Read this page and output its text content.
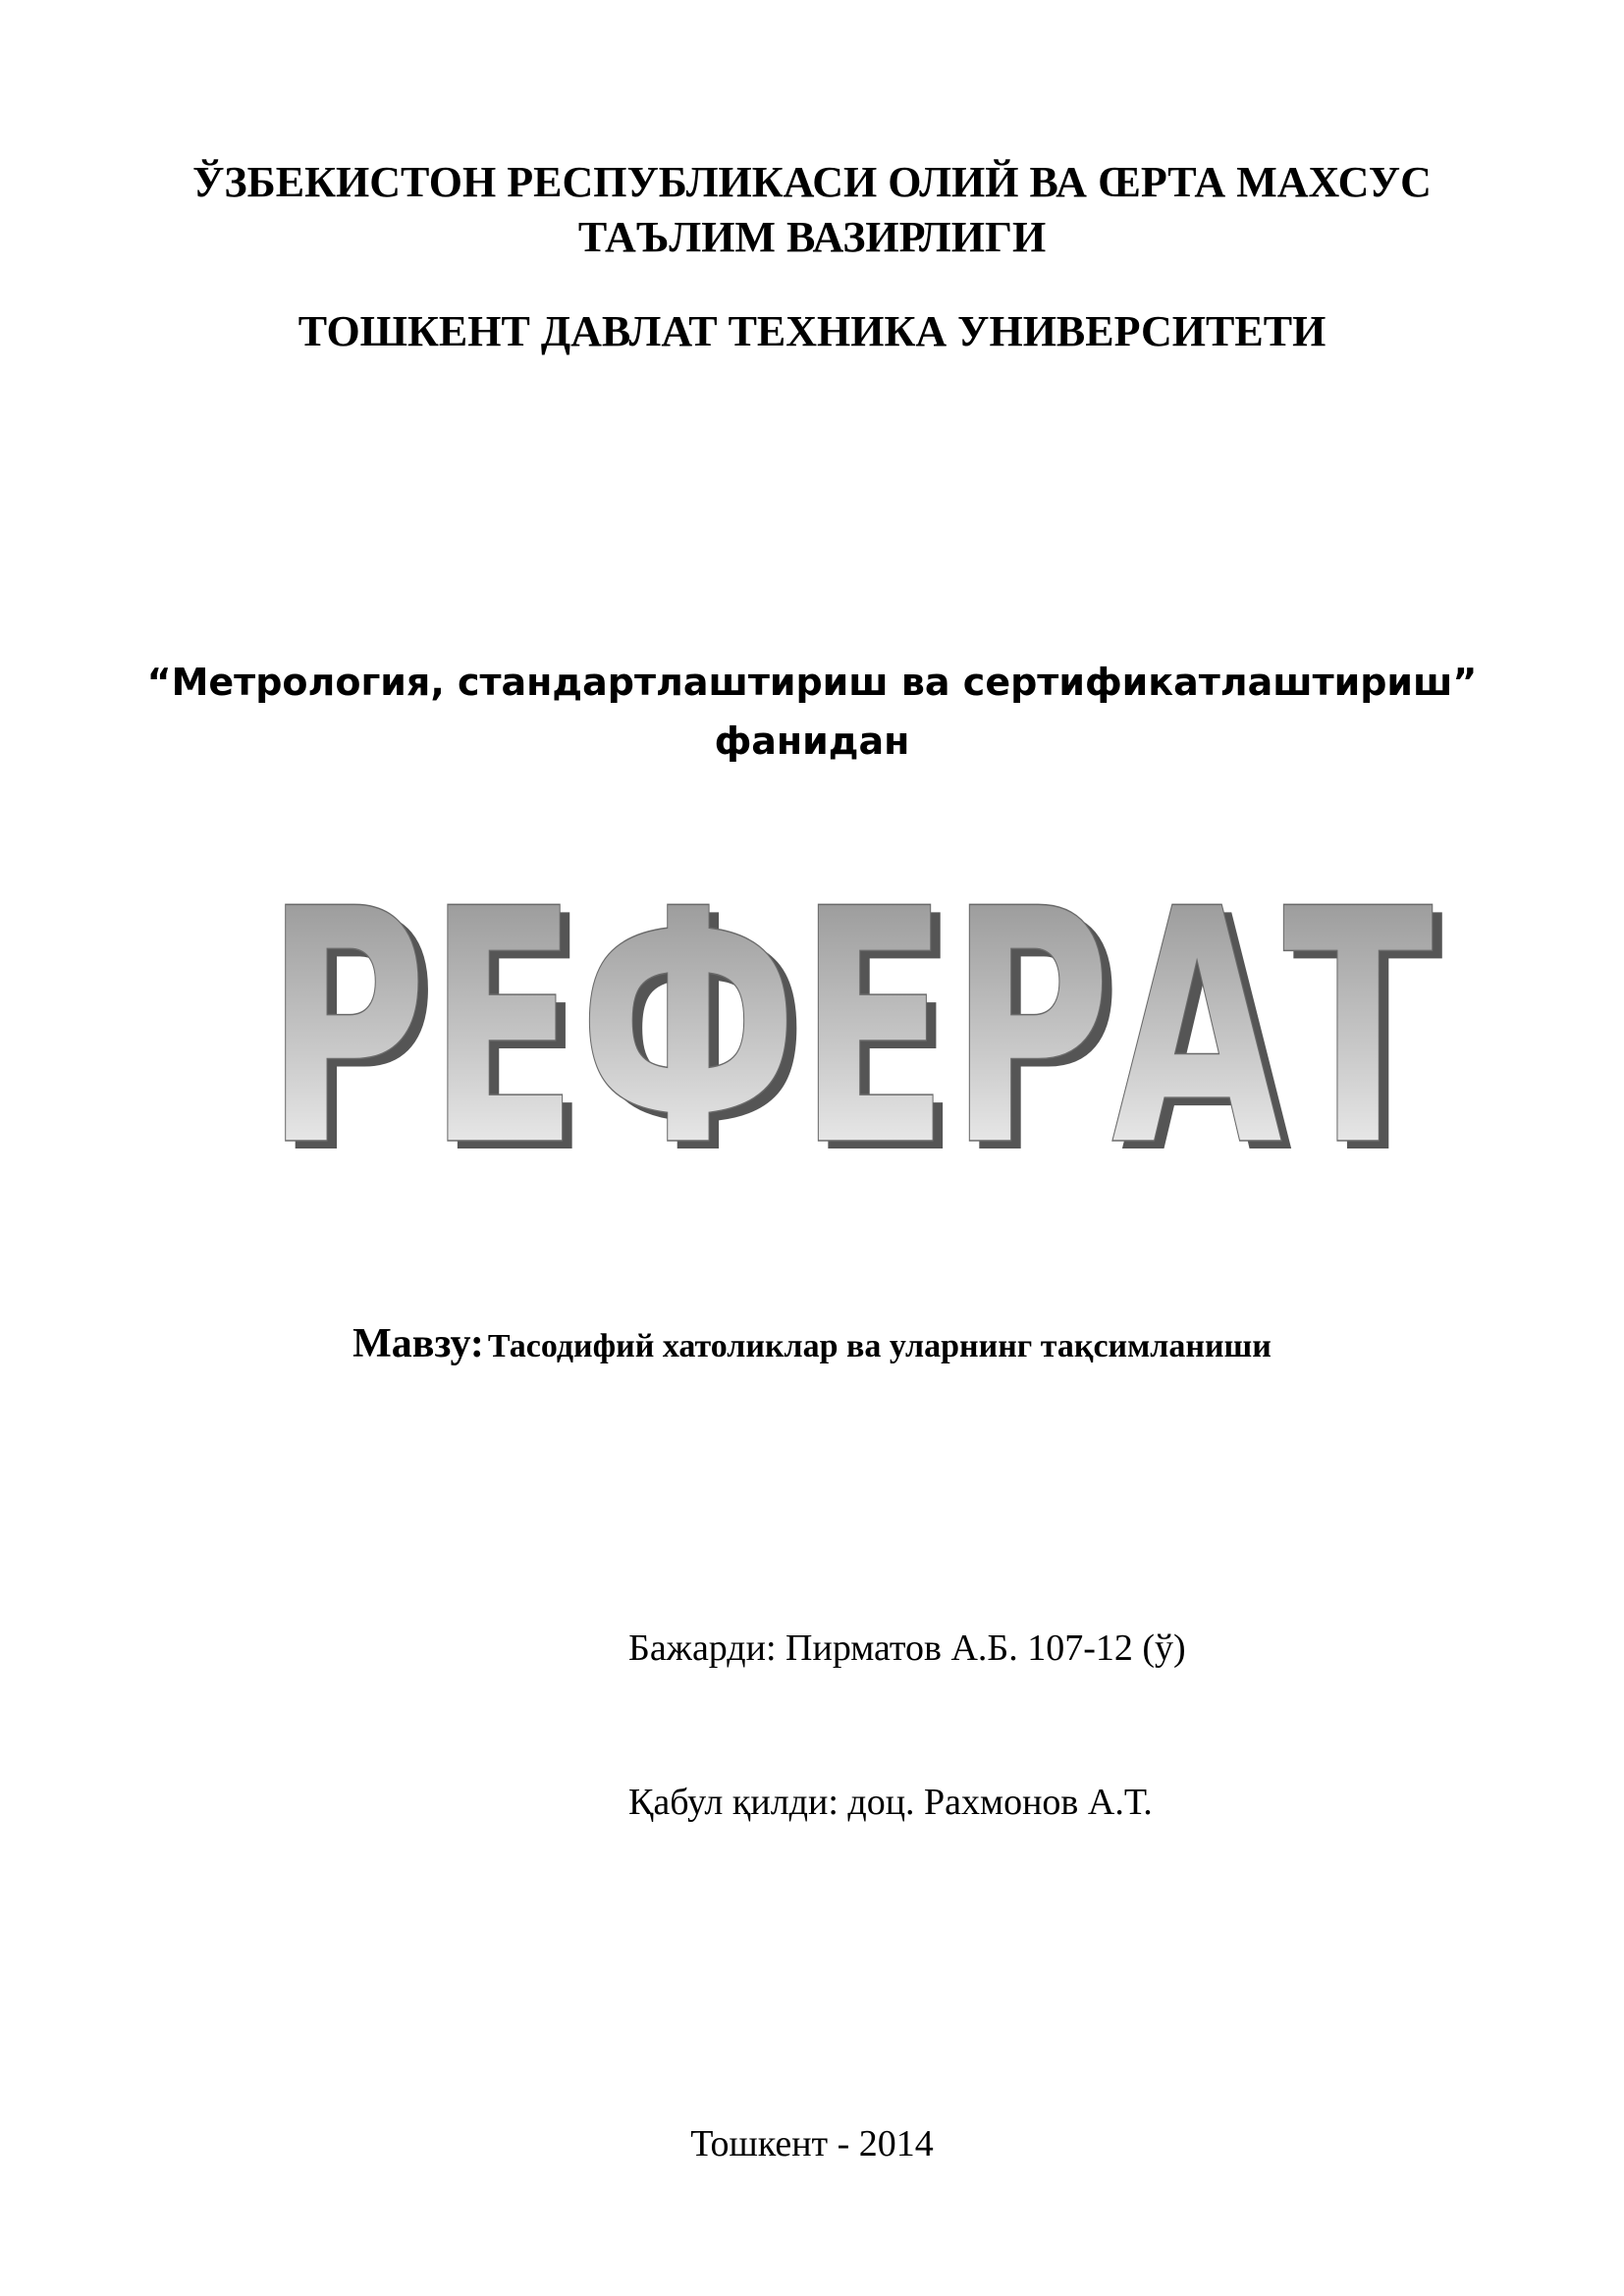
ЎЗБЕКИСТОН РЕСПУБЛИКАСИ ОЛИЙ ВА ŒРТА МАХСУС
ТАЪЛИМ ВАЗИРЛИГИ
ТОШКЕНТ ДАВЛАТ ТЕХНИКА УНИВЕРСИТЕТИ
“Метрология, стандартлаштириш ва сертификатлаштириш”
фанидан
РЕФЕРАТ
РЕФЕРАТ
Мавзу: Тасодифий хатоликлар ва уларнинг тақсимланиши
Бажарди: Пирматов А.Б. 107-12 (ў)
Қабул қилди: доц. Рахмонов А.Т.
Тошкент - 2014
